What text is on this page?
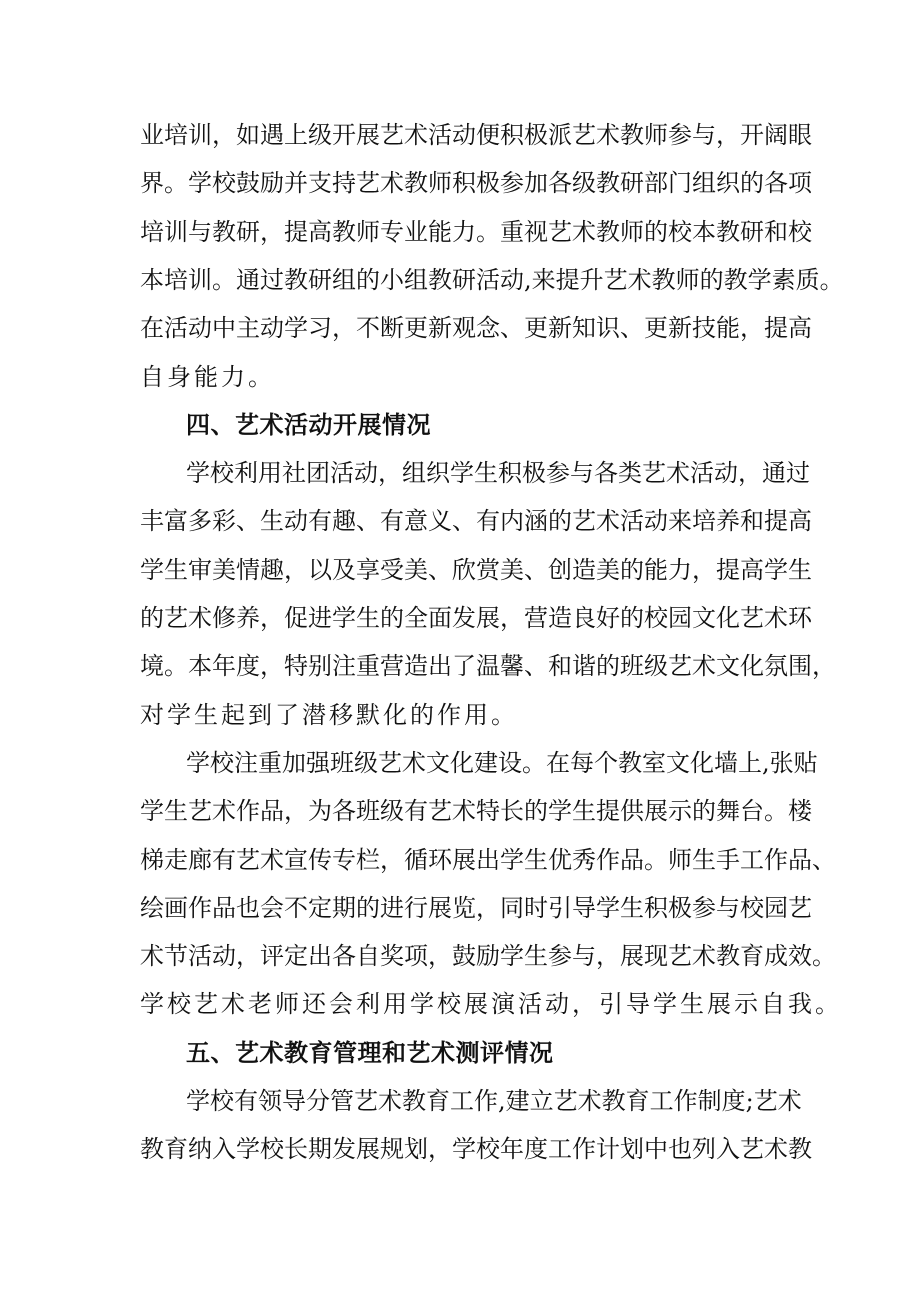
业培训，如遇上级开展艺术活动便积极派艺术教师参与，开阔眼
界。学校鼓励并支持艺术教师积极参加各级教研部门组织的各项
培训与教研，提高教师专业能力。重视艺术教师的校本教研和校
本培训。通过教研组的小组教研活动,来提升艺术教师的教学素质。
在活动中主动学习，不断更新观念、更新知识、更新技能，提高
自身能力。
四、艺术活动开展情况
学校利用社团活动，组织学生积极参与各类艺术活动，通过
丰富多彩、生动有趣、有意义、有内涵的艺术活动来培养和提高
学生审美情趣，以及享受美、欣赏美、创造美的能力，提高学生
的艺术修养，促进学生的全面发展，营造良好的校园文化艺术环
境。本年度，特别注重营造出了温馨、和谐的班级艺术文化氛围，
对学生起到了潜移默化的作用。
学校注重加强班级艺术文化建设。在每个教室文化墙上,张贴
学生艺术作品，为各班级有艺术特长的学生提供展示的舞台。楼
梯走廊有艺术宣传专栏，循环展出学生优秀作品。师生手工作品、
绘画作品也会不定期的进行展览，同时引导学生积极参与校园艺
术节活动，评定出各自奖项，鼓励学生参与，展现艺术教育成效。
学校艺术老师还会利用学校展演活动，引导学生展示自我。
五、艺术教育管理和艺术测评情况
学校有领导分管艺术教育工作,建立艺术教育工作制度;艺术
教育纳入学校长期发展规划，学校年度工作计划中也列入艺术教
